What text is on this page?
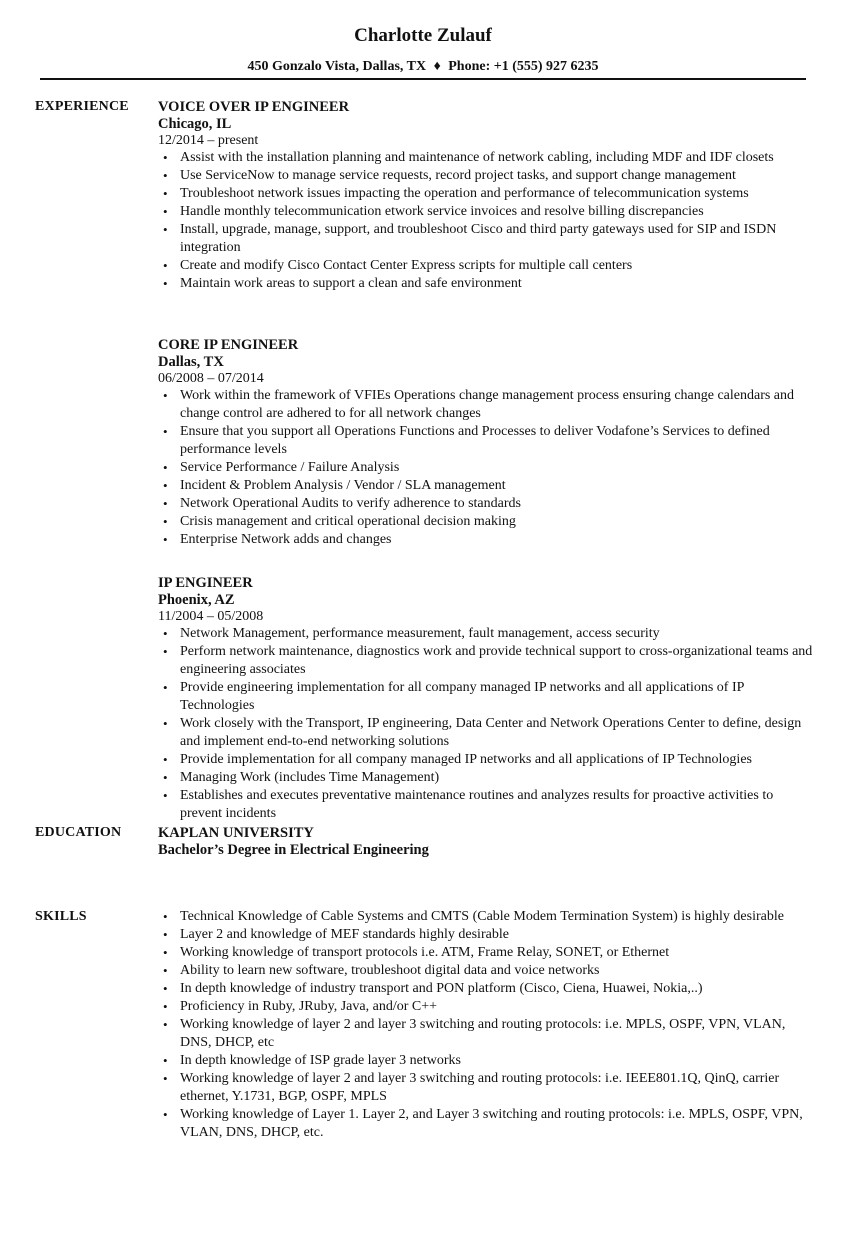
Charlotte Zulauf
450 Gonzalo Vista, Dallas, TX ♦ Phone: +1 (555) 927 6235
EXPERIENCE VOICE OVER IP ENGINEER
Chicago, IL
12/2014 – present
• Assist with the installation planning and maintenance of network cabling, including MDF and IDF closets
• Use ServiceNow to manage service requests, record project tasks, and support change management
• Troubleshoot network issues impacting the operation and performance of telecommunication systems
• Handle monthly telecommunication etwork service invoices and resolve billing discrepancies
• Install, upgrade, manage, support, and troubleshoot Cisco and third party gateways used for SIP and ISDN integration
• Create and modify Cisco Contact Center Express scripts for multiple call centers
• Maintain work areas to support a clean and safe environment
CORE IP ENGINEER
Dallas, TX
06/2008 – 07/2014
• Work within the framework of VFIEs Operations change management process ensuring change calendars and change control are adhered to for all network changes
• Ensure that you support all Operations Functions and Processes to deliver Vodafone’s Services to defined performance levels
• Service Performance / Failure Analysis
• Incident & Problem Analysis / Vendor / SLA management
• Network Operational Audits to verify adherence to standards
• Crisis management and critical operational decision making
• Enterprise Network adds and changes
IP ENGINEER
Phoenix, AZ
11/2004 – 05/2008
• Network Management, performance measurement, fault management, access security
• Perform network maintenance, diagnostics work and provide technical support to cross-organizational teams and engineering associates
• Provide engineering implementation for all company managed IP networks and all applications of IP Technologies
• Work closely with the Transport, IP engineering, Data Center and Network Operations Center to define, design and implement end-to-end networking solutions
• Provide implementation for all company managed IP networks and all applications of IP Technologies
• Managing Work (includes Time Management)
• Establishes and executes preventative maintenance routines and analyzes results for proactive activities to prevent incidents
EDUCATION	KAPLAN UNIVERSITY
Bachelor’s Degree in Electrical Engineering
SKILLS	• Technical Knowledge of Cable Systems and CMTS (Cable Modem Termination System) is highly desirable
• Layer 2 and knowledge of MEF standards highly desirable
• Working knowledge of transport protocols i.e. ATM, Frame Relay, SONET, or Ethernet
• Ability to learn new software, troubleshoot digital data and voice networks
• In depth knowledge of industry transport and PON platform (Cisco, Ciena, Huawei, Nokia,..)
• Proficiency in Ruby, JRuby, Java, and/or C++
• Working knowledge of layer 2 and layer 3 switching and routing protocols: i.e. MPLS, OSPF, VPN, VLAN, DNS, DHCP, etc
• In depth knowledge of ISP grade layer 3 networks
• Working knowledge of layer 2 and layer 3 switching and routing protocols: i.e. IEEE801.1Q, QinQ, carrier ethernet, Y.1731, BGP, OSPF, MPLS
• Working knowledge of Layer 1. Layer 2, and Layer 3 switching and routing protocols: i.e. MPLS, OSPF, VPN, VLAN, DNS, DHCP, etc.
